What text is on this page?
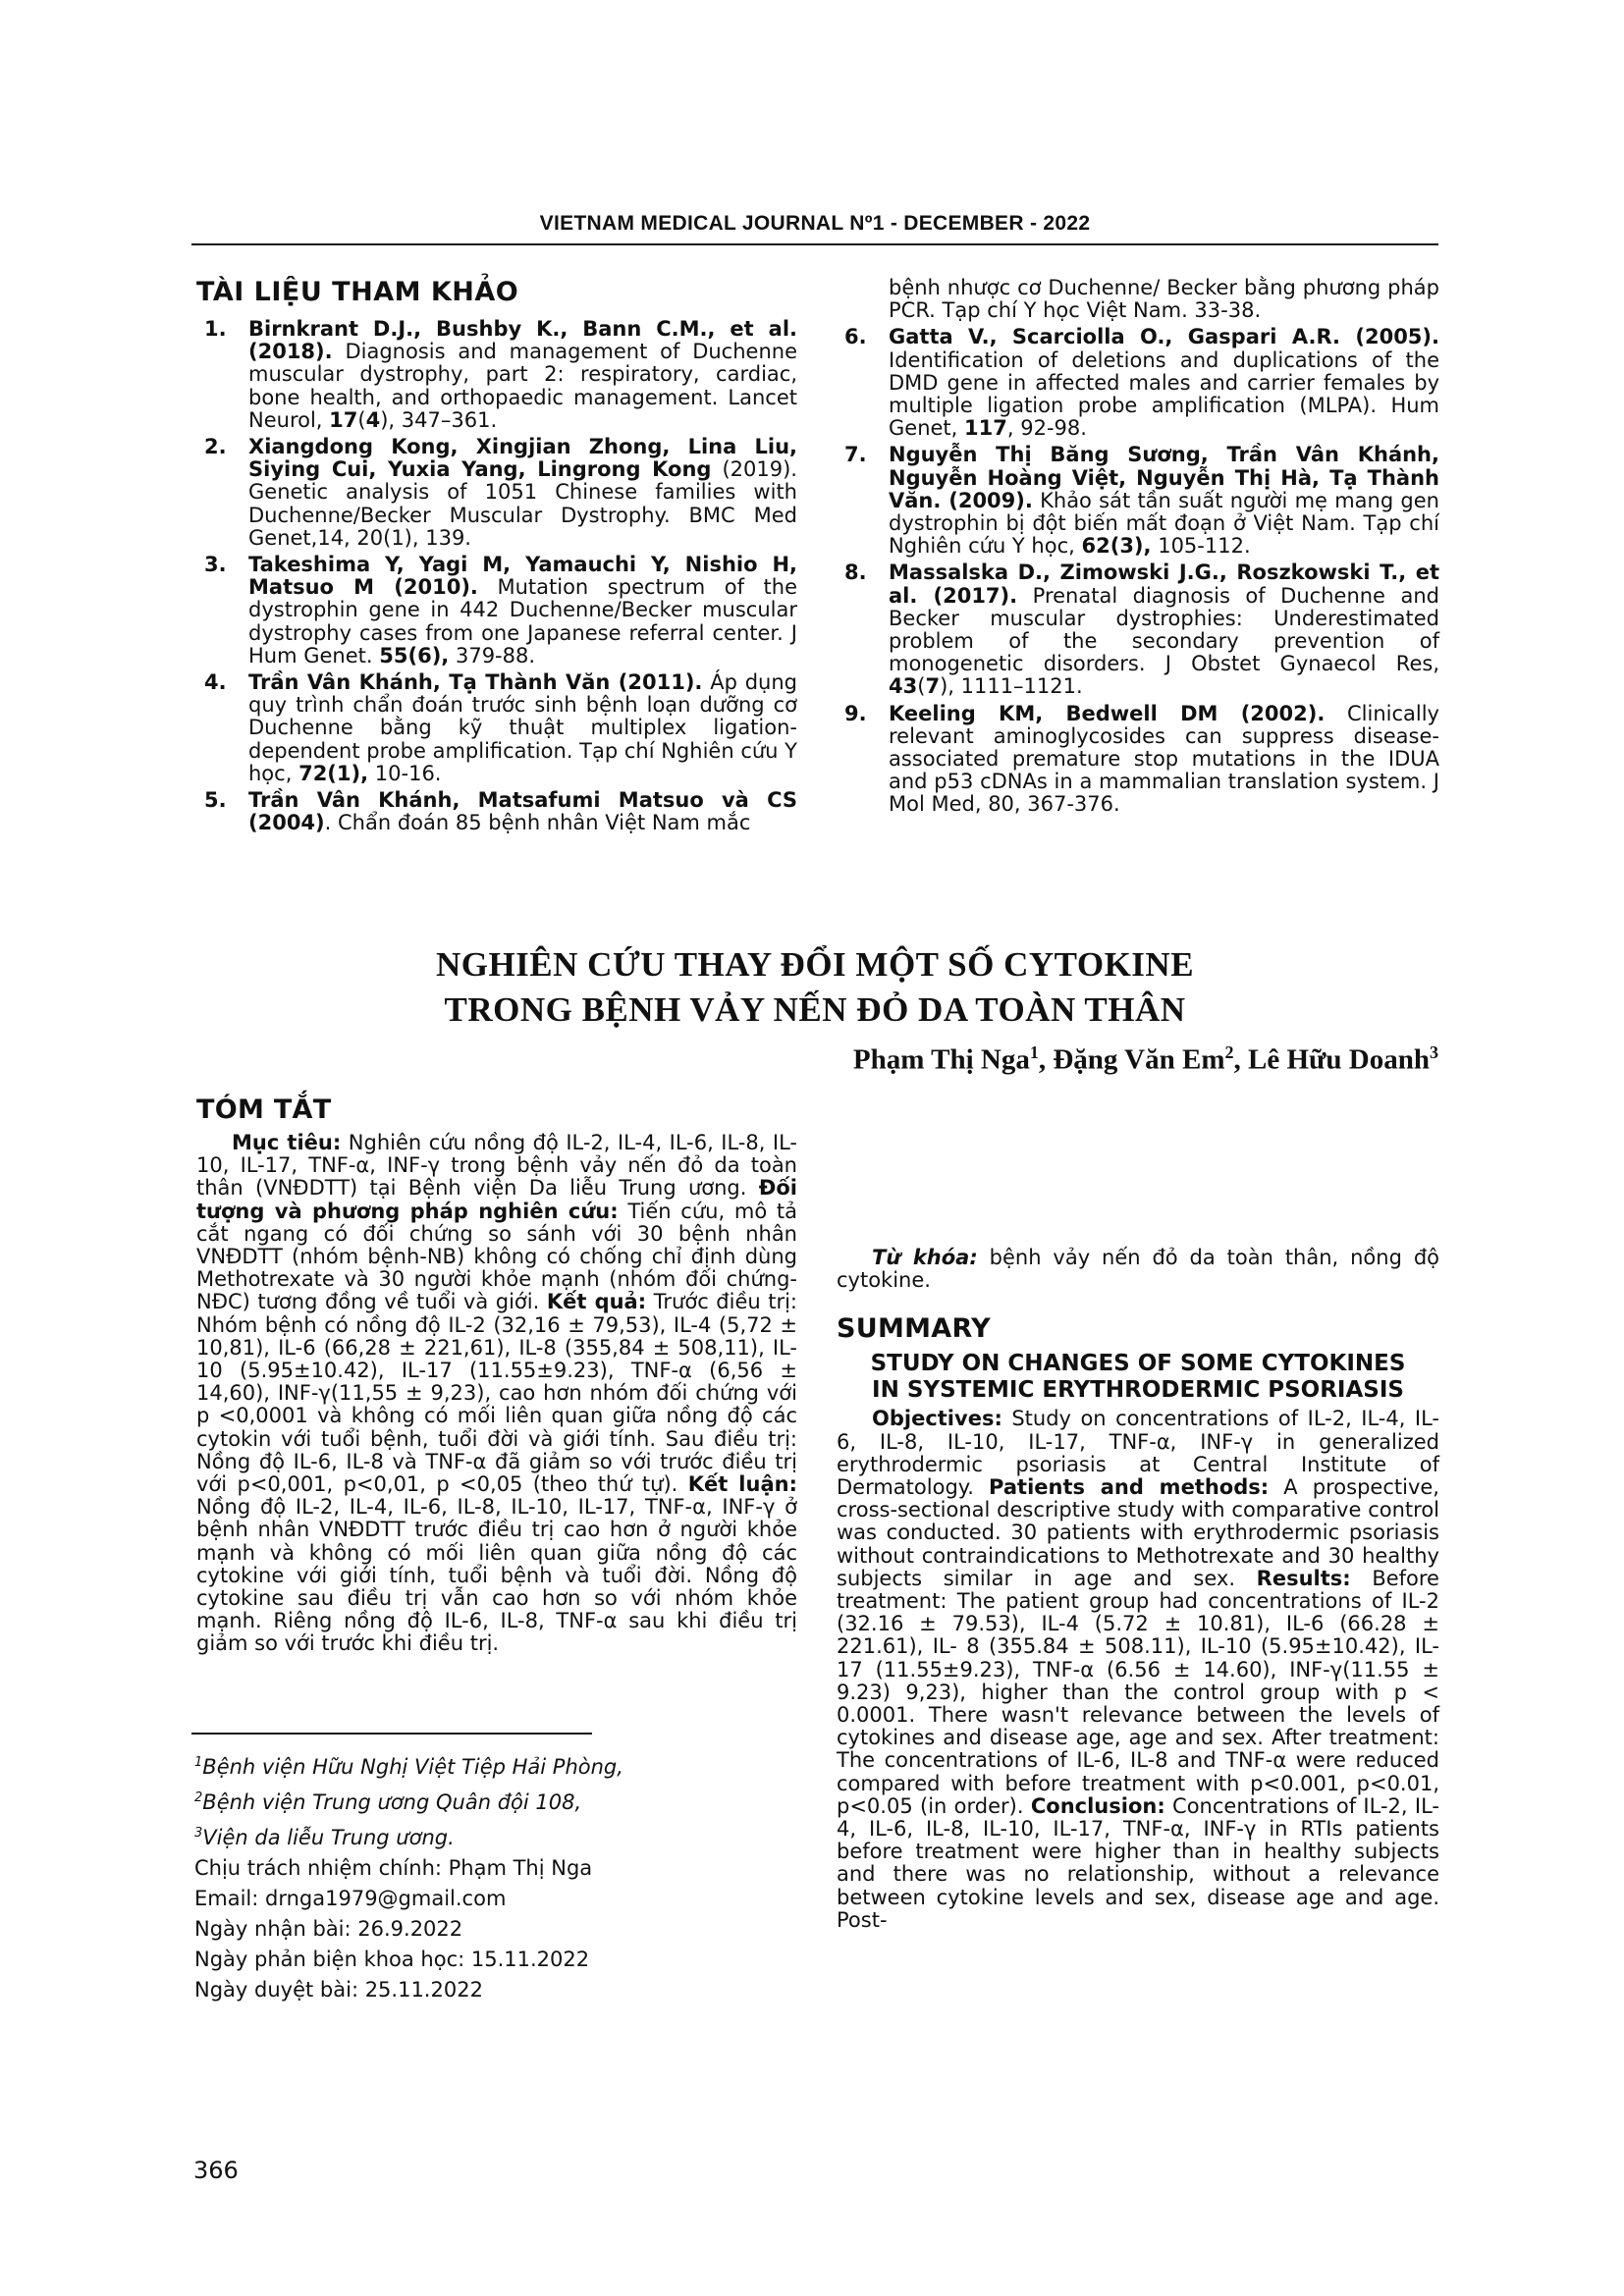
VIETNAM MEDICAL JOURNAL Nº1 - DECEMBER - 2022
TÀI LIỆU THAM KHẢO
1. Birnkrant D.J., Bushby K., Bann C.M., et al. (2018). Diagnosis and management of Duchenne muscular dystrophy, part 2: respiratory, cardiac, bone health, and orthopaedic management. Lancet Neurol, 17(4), 347–361.
2. Xiangdong Kong, Xingjian Zhong, Lina Liu, Siying Cui, Yuxia Yang, Lingrong Kong (2019). Genetic analysis of 1051 Chinese families with Duchenne/Becker Muscular Dystrophy. BMC Med Genet,14, 20(1), 139.
3. Takeshima Y, Yagi M, Yamauchi Y, Nishio H, Matsuo M (2010). Mutation spectrum of the dystrophin gene in 442 Duchenne/Becker muscular dystrophy cases from one Japanese referral center. J Hum Genet. 55(6), 379-88.
4. Trần Vân Khánh, Tạ Thành Văn (2011). Áp dụng quy trình chẩn đoán trước sinh bệnh loạn dưỡng cơ Duchenne bằng kỹ thuật multiplex ligation-dependent probe amplification. Tạp chí Nghiên cứu Y học, 72(1), 10-16.
5. Trần Vân Khánh, Matsafumi Matsuo và CS (2004). Chẩn đoán 85 bệnh nhân Việt Nam mắc
bệnh nhược cơ Duchenne/ Becker bằng phương pháp PCR. Tạp chí Y học Việt Nam. 33-38.
6. Gatta V., Scarciolla O., Gaspari A.R. (2005). Identification of deletions and duplications of the DMD gene in affected males and carrier females by multiple ligation probe amplification (MLPA). Hum Genet, 117, 92-98.
7. Nguyễn Thị Băng Sương, Trần Vân Khánh, Nguyễn Hoàng Việt, Nguyễn Thị Hà, Tạ Thành Văn. (2009). Khảo sát tần suất người mẹ mang gen dystrophin bị đột biến mất đoạn ở Việt Nam. Tạp chí Nghiên cứu Y học, 62(3), 105-112.
8. Massalska D., Zimowski J.G., Roszkowski T., et al. (2017). Prenatal diagnosis of Duchenne and Becker muscular dystrophies: Underestimated problem of the secondary prevention of monogenetic disorders. J Obstet Gynaecol Res, 43(7), 1111–1121.
9. Keeling KM, Bedwell DM (2002). Clinically relevant aminoglycosides can suppress disease-associated premature stop mutations in the IDUA and p53 cDNAs in a mammalian translation system. J Mol Med, 80, 367-376.
NGHIÊN CỨU THAY ĐỔI MỘT SỐ CYTOKINE
TRONG BỆNH VẢY NẾN ĐỎ DA TOÀN THÂN
Phạm Thị Nga$^1$, Đặng Văn Em$^2$, Lê Hữu Doanh$^3$
TÓM TẮT

Mục tiêu: Nghiên cứu nồng độ IL-2, IL-4, IL-6, IL-8, IL-10, IL-17, TNF-α, INF-γ trong bệnh vảy nến đỏ da toàn thân (VNĐDTT) tại Bệnh viện Da liễu Trung ương. Đối tượng và phương pháp nghiên cứu: Tiến cứu, mô tả cắt ngang có đối chứng so sánh với 30 bệnh nhân VNĐDTT (nhóm bệnh-NB) không có chống chỉ định dùng Methotrexate và 30 người khỏe mạnh (nhóm đối chứng-NĐC) tương đồng về tuổi và giới. Kết quả: Trước điều trị: Nhóm bệnh có nồng độ IL-2 (32,16 ± 79,53), IL-4 (5,72 ± 10,81), IL-6 (66,28 ± 221,61), IL-8 (355,84 ± 508,11), IL-10 (5.95±10.42), IL-17 (11.55±9.23), TNF-α (6,56 ± 14,60), INF-γ(11,55 ± 9,23), cao hơn nhóm đối chứng với p <0,0001 và không có mối liên quan giữa nồng độ các cytokin với tuổi bệnh, tuổi đời và giới tính. Sau điều trị: Nồng độ IL-6, IL-8 và TNF-α đã giảm so với trước điều trị với p<0,001, p<0,01, p <0,05 (theo thứ tự). Kết luận: Nồng độ IL-2, IL-4, IL-6, IL-8, IL-10, IL-17, TNF-α, INF-γ ở bệnh nhân VNĐDTT trước điều trị cao hơn ở người khỏe mạnh và không có mối liên quan giữa nồng độ các cytokine với giới tính, tuổi bệnh và tuổi đời. Nồng độ cytokine sau điều trị vẫn cao hơn so với nhóm khỏe mạnh. Riêng nồng độ IL-6, IL-8, TNF-α sau khi điều trị giảm so với trước khi điều trị.

Từ khóa: bệnh vảy nến đỏ da toàn thân, nồng độ cytokine.

SUMMARY
STUDY ON CHANGES OF SOME CYTOKINES
IN SYSTEMIC ERYTHRODERMIC PSORIASIS

Objectives: Study on concentrations of IL-2, IL-4, IL-6, IL-8, IL-10, IL-17, TNF-α, INF-γ in generalized erythrodermic psoriasis at Central Institute of Dermatology. Patients and methods: A prospective, cross-sectional descriptive study with comparative control was conducted. 30 patients with erythrodermic psoriasis without contraindications to Methotrexate and 30 healthy subjects similar in age and sex. Results: Before treatment: The patient group had concentrations of IL-2 (32.16 ± 79.53), IL-4 (5.72 ± 10.81), IL-6 (66.28 ± 221.61), IL- 8 (355.84 ± 508.11), IL-10 (5.95±10.42), IL-17 (11.55±9.23), TNF-α (6.56 ± 14.60), INF-γ(11.55 ± 9.23) 9,23), higher than the control group with p < 0.0001. There wasn't relevance between the levels of cytokines and disease age, age and sex. After treatment: The concentrations of IL-6, IL-8 and TNF-α were reduced compared with before treatment with p<0.001, p<0.01, p<0.05 (in order). Conclusion: Concentrations of IL-2, IL-4, IL-6, IL-8, IL-10, IL-17, TNF-α, INF-γ in RTIs patients before treatment were higher than in healthy subjects and there was no relationship, without a relevance between cytokine levels and sex, disease age and age. Post-

$^1$Bệnh viện Hữu Nghị Việt Tiệp Hải Phòng,
$^2$Bệnh viện Trung ương Quân đội 108,
$^3$Viện da liễu Trung ương.
Chịu trách nhiệm chính: Phạm Thị Nga
Email: drnga1979@gmail.com
Ngày nhận bài: 26.9.2022
Ngày phản biện khoa học: 15.11.2022
Ngày duyệt bài: 25.11.2022
366
